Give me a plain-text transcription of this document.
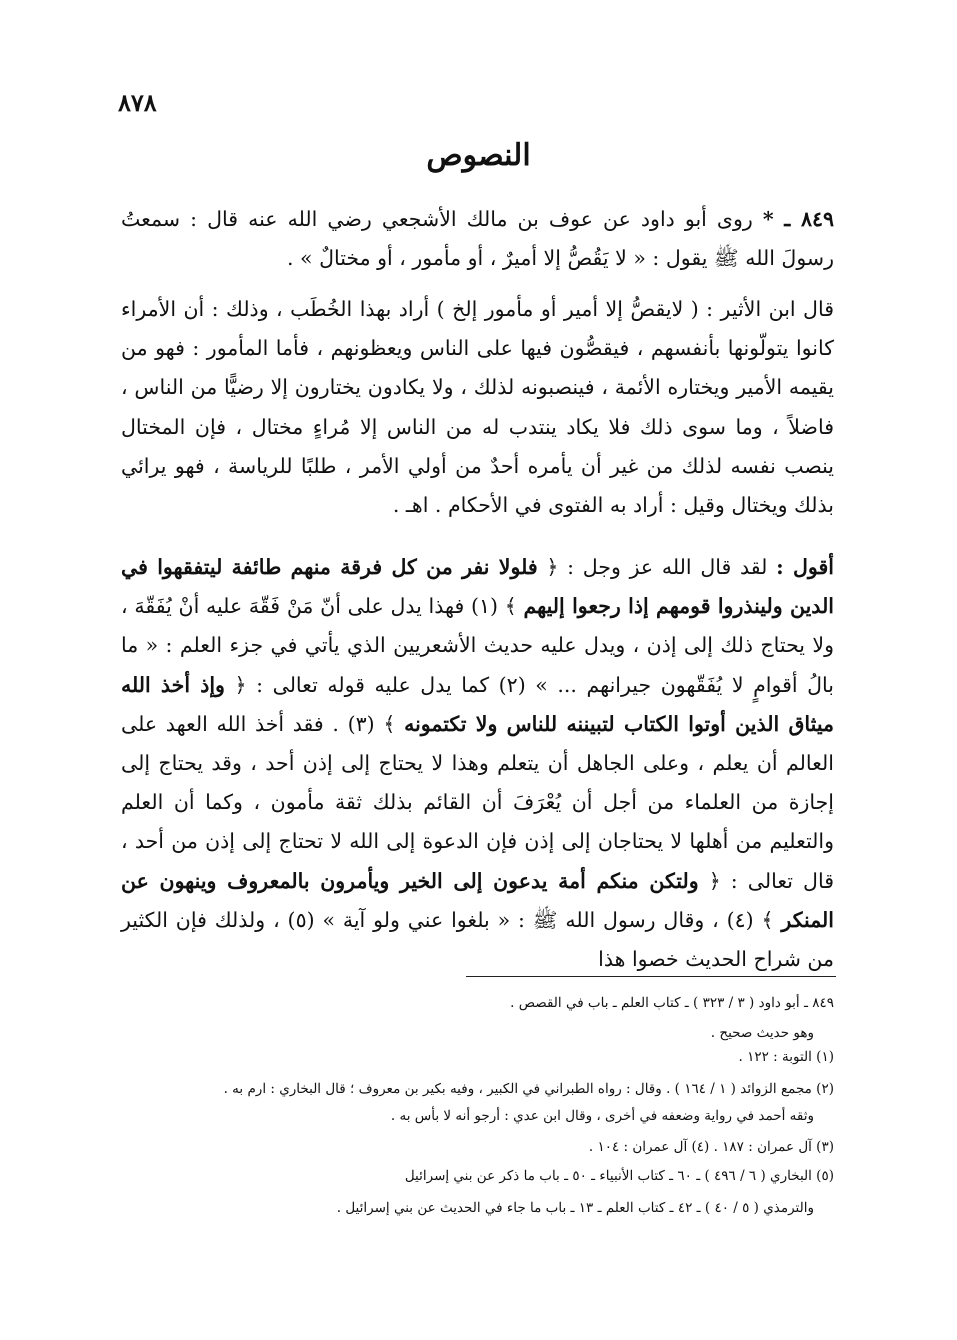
٨٧٨
النصوص

٨٤٩ ـ * روى أبو داود عن عوف بن مالك الأشجعي رضي الله عنه قال : سمعتُ رسولَ الله ﷺ يقول : « لا يَقُصُّ إلا أميرٌ ، أو مأمور ، أو مختالٌ » .

قال ابن الأثير : ( لايقصُّ إلا أمير أو مأمور إلخ ) أراد بهذا الخُطَب ، وذلك : أن الأمراء كانوا يتولّونها بأنفسهم ، فيقصُّون فيها على الناس ويعظونهم ، فأما المأمور : فهو من يقيمه الأمير ويختاره الأئمة ، فينصبونه لذلك ، ولا يكادون يختارون إلا رضيًّا من الناس ، فاضلاً ، وما سوى ذلك فلا يكاد ينتدب له من الناس إلا مُراءٍ مختال ، فإن المختال ينصب نفسه لذلك من غير أن يأمره أحدٌ من أولي الأمر ، طلبًا للرياسة ، فهو يرائي بذلك ويختال وقيل : أراد به الفتوى في الأحكام . اهـ .

أقول : لقد قال الله عز وجل : ﴿ فلولا نفر من كل فرقة منهم طائفة ليتفقهوا في الدين ولينذروا قومهم إذا رجعوا إليهم ﴾ (١) فهذا يدل على أنّ مَنْ فَقّهَ عليه أنْ يُفَقّهَ ، ولا يحتاج ذلك إلى إذن ، ويدل عليه حديث الأشعريين الذي يأتي في جزء العلم : « ما بالُ أقوامٍ لا يُفَقّهون جيرانهم ... » (٢) كما يدل عليه قوله تعالى : ﴿ وإذ أخذ الله ميثاق الذين أوتوا الكتاب لتبيننه للناس ولا تكتمونه ﴾ (٣) . فقد أخذ الله العهد على العالم أن يعلم ، وعلى الجاهل أن يتعلم وهذا لا يحتاج إلى إذن أحد ، وقد يحتاج إلى إجازة من العلماء من أجل أن يُعْرَفَ أن القائم بذلك ثقة مأمون ، وكما أن العلم والتعليم من أهلها لا يحتاجان إلى إذن فإن الدعوة إلى الله لا تحتاج إلى إذن من أحد ، قال تعالى : ﴿ ولتكن منكم أمة يدعون إلى الخير ويأمرون بالمعروف وينهون عن المنكر ﴾ (٤) ، وقال رسول الله ﷺ : « بلغوا عني ولو آية » (٥) ، ولذلك فإن الكثير من شراح الحديث خصوا هذا

٨٤٩ ـ أبو داود ( ٣ / ٣٢٣ ) ـ كتاب العلم ـ باب في القصص .
وهو حديث صحيح .
(١) التوبة : ١٢٢ .
(٢) مجمع الزوائد ( ١ / ١٦٤ ) . وقال : رواه الطبراني في الكبير ، وفيه بكير بن معروف ؛ قال البخاري : ارم به .
وثقه أحمد في رواية وضعفه في أخرى ، وقال ابن عدي : أرجو أنه لا بأس به .
(٣) آل عمران : ١٨٧ . (٤) آل عمران : ١٠٤ .
(٥) البخاري ( ٦ / ٤٩٦ ) ـ ٦٠ ـ كتاب الأنبياء ـ ٥٠ ـ باب ما ذكر عن بني إسرائيل
والترمذي ( ٥ / ٤٠ ) ـ ٤٢ ـ كتاب العلم ـ ١٣ ـ باب ما جاء في الحديث عن بني إسرائيل .
